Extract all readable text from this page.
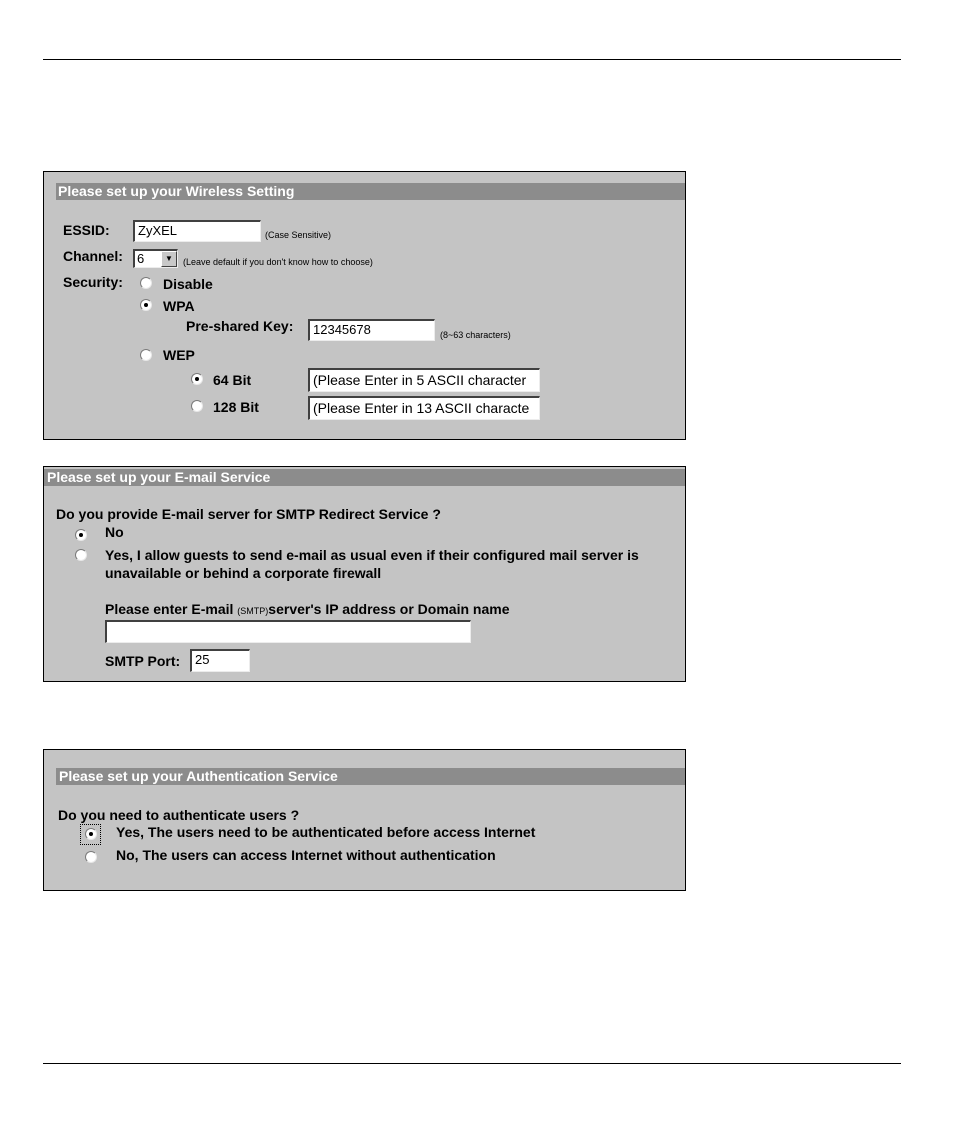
Please set up your Wireless Setting
ESSID:	ZyXEL	(Case Sensitive)
Channel:	6	▼	(Leave default if you don't know how to choose)
Security:	Disable
WPA
Pre-shared Key:	12345678	(8~63 characters)
WEP
64 Bit	(Please Enter in 5 ASCII character
128 Bit	(Please Enter in 13 ASCII characte
Please set up your E-mail Service
Do you provide E-mail server for SMTP Redirect Service ?
No
Yes, I allow guests to send e-mail as usual even if their configured mail server is
unavailable or behind a corporate firewall
Please enter E-mail (SMTP)server's IP address or Domain name
SMTP Port:	25
Please set up your Authentication Service
Do you need to authenticate users ?
Yes, The users need to be authenticated before access Internet
No, The users can access Internet without authentication
